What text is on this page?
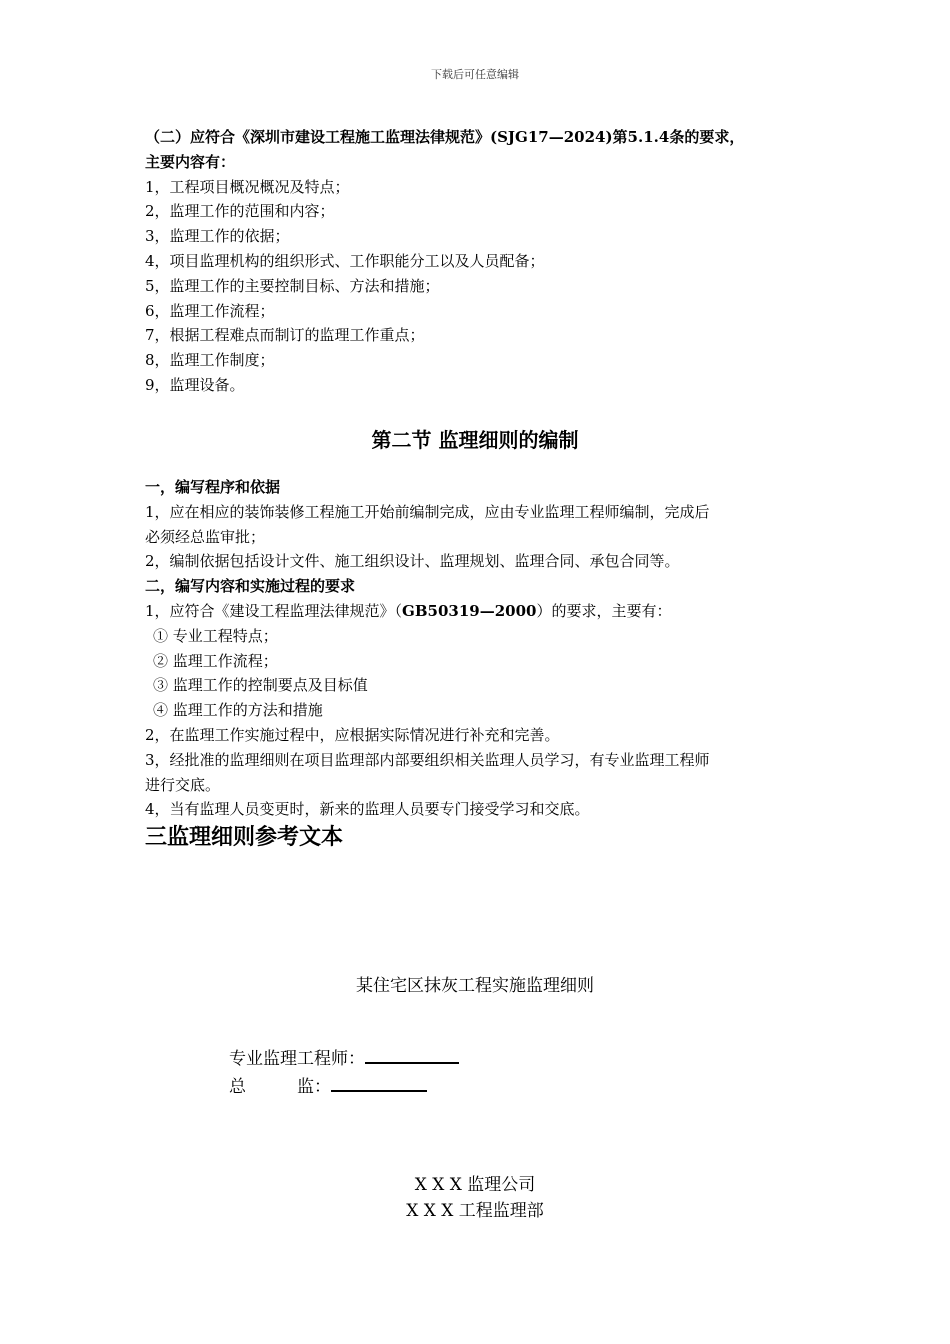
下载后可任意编辑
（二）应符合《深圳市建设工程施工监理法律规范》(SJG17—2024)第5.1.4条的要求，
主要内容有：
1，工程项目概况概况及特点；
2，监理工作的范围和内容；
3，监理工作的依据；
4，项目监理机构的组织形式、工作职能分工以及人员配备；
5，监理工作的主要控制目标、方法和措施；
6，监理工作流程；
7，根据工程难点而制订的监理工作重点；
8，监理工作制度；
9，监理设备。
第二节 监理细则的编制
一，编写程序和依据
1，应在相应的装饰装修工程施工开始前编制完成，应由专业监理工程师编制，完成后
必须经总监审批；
2，编制依据包括设计文件、施工组织设计、监理规划、监理合同、承包合同等。
二，编写内容和实施过程的要求
1，应符合《建设工程监理法律规范》（GB50319—2000）的要求，主要有：
① 专业工程特点；
② 监理工作流程；
③ 监理工作的控制要点及目标值
④ 监理工作的方法和措施
2，在监理工作实施过程中，应根据实际情况进行补充和完善。
3，经批准的监理细则在项目监理部内部要组织相关监理人员学习，有专业监理工程师
进行交底。
4，当有监理人员变更时，新来的监理人员要专门接受学习和交底。
三监理细则参考文本
某住宅区抹灰工程实施监理细则
专业监理工程师：
总　　　监：
X X X 监理公司
X X X 工程监理部
